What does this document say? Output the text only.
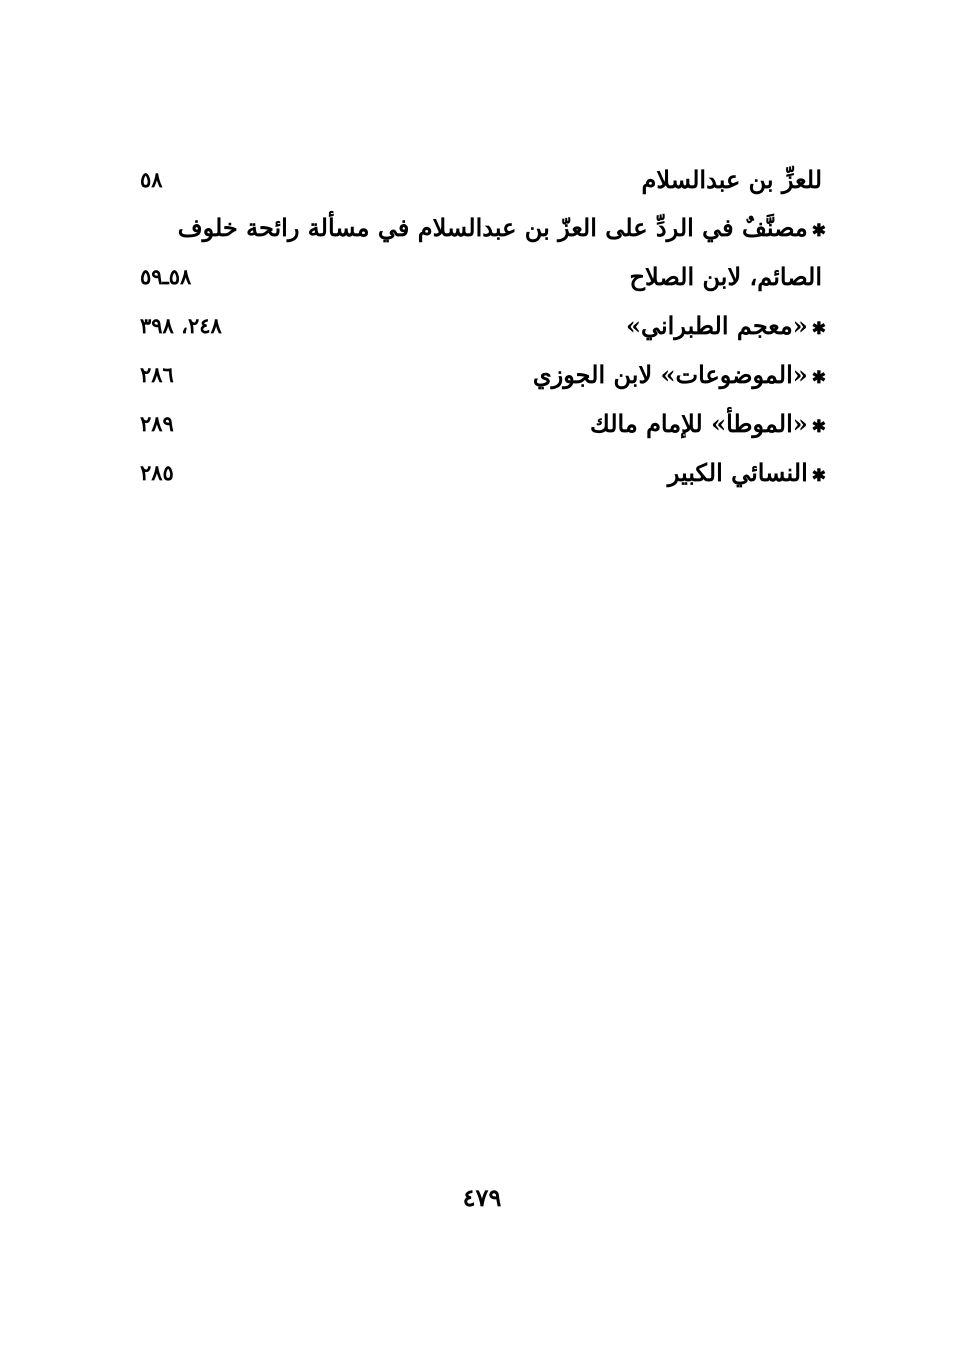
للعزِّ بن عبدالسلام
٥٨
✱مصنَّفٌ في الردِّ على العزّ بن عبدالسلام في مسألة رائحة خلوف
الصائم، لابن الصلاح
٥٨ـ٥٩
✱«معجم الطبراني»
٢٤٨، ٣٩٨
✱«الموضوعات» لابن الجوزي
٢٨٦
✱«الموطأ» للإمام مالك
٢٨٩
✱النسائي الكبير
٢٨٥
٤٧٩
